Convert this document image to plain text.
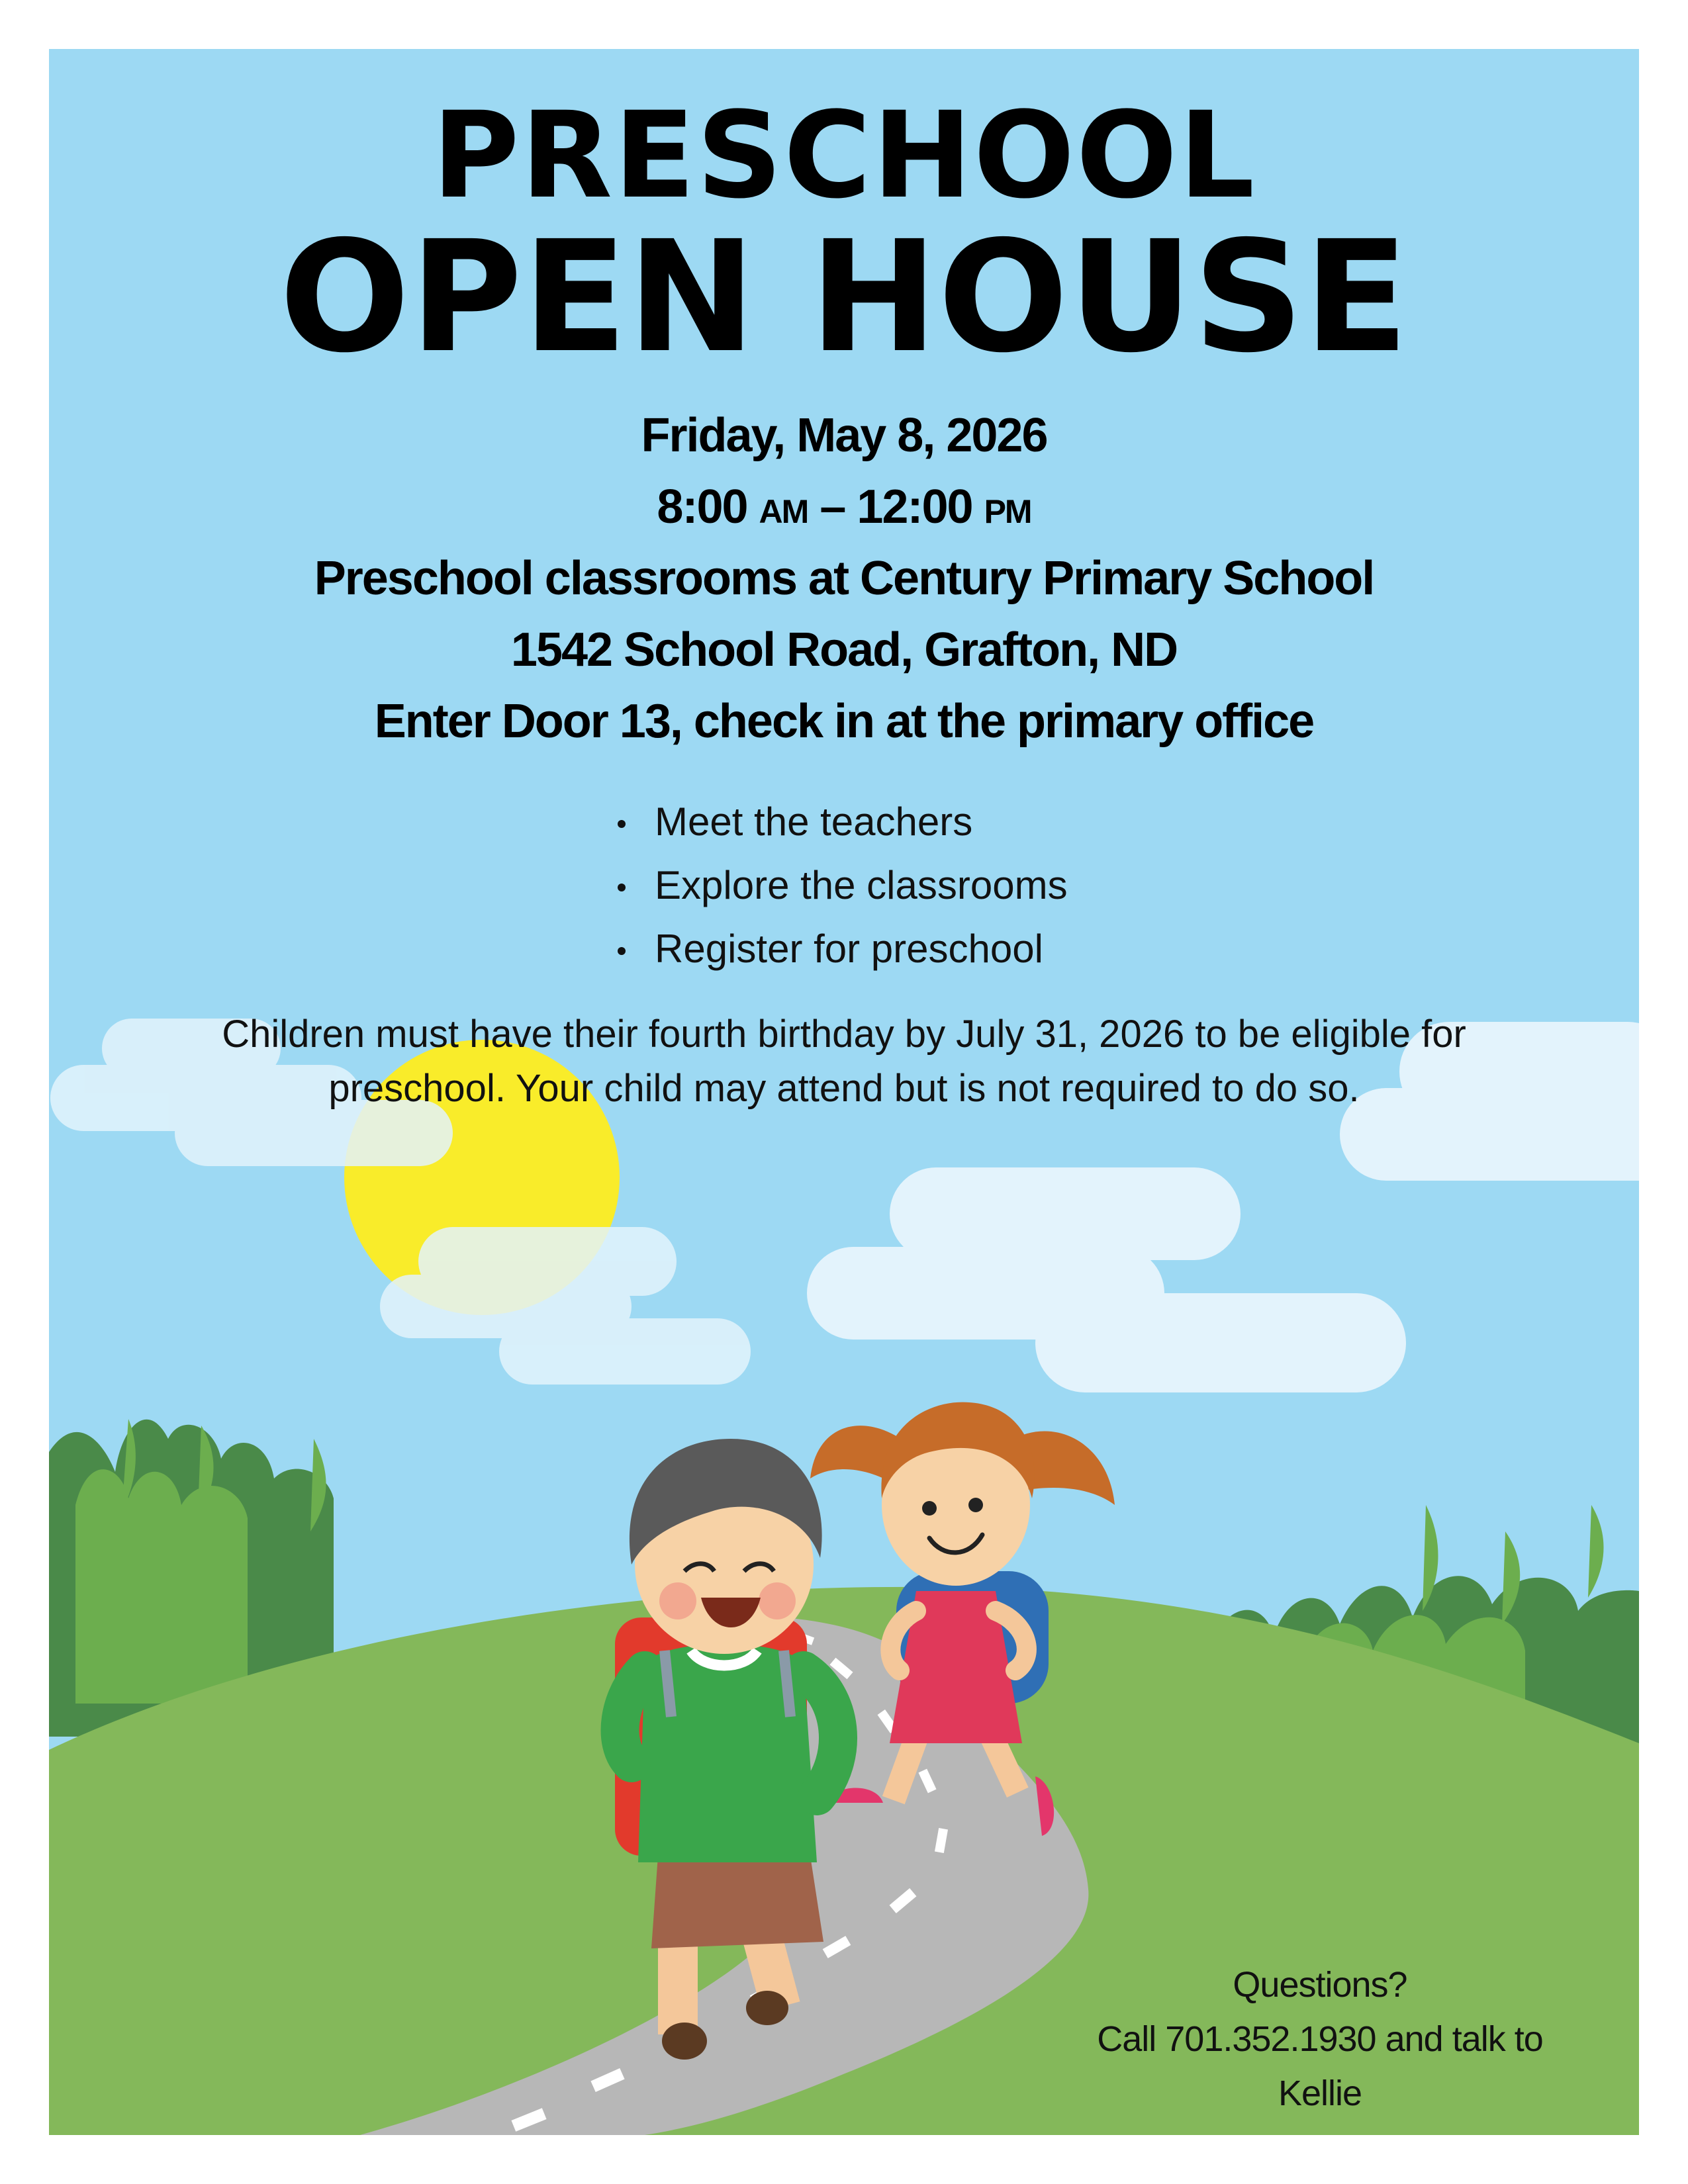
PRESCHOOL
OPEN HOUSE
Friday, May 8, 2026
8:00 AM – 12:00 PM
Preschool classrooms at Century Primary School
1542 School Road, Grafton, ND
Enter Door 13, check in at the primary office
Meet the teachers
Explore the classrooms
Register for preschool
Children must have their fourth birthday by July 31, 2026 to be eligible for
preschool. Your child may attend but is not required to do so.
Questions?
Call 701.352.1930 and talk to Kellie
